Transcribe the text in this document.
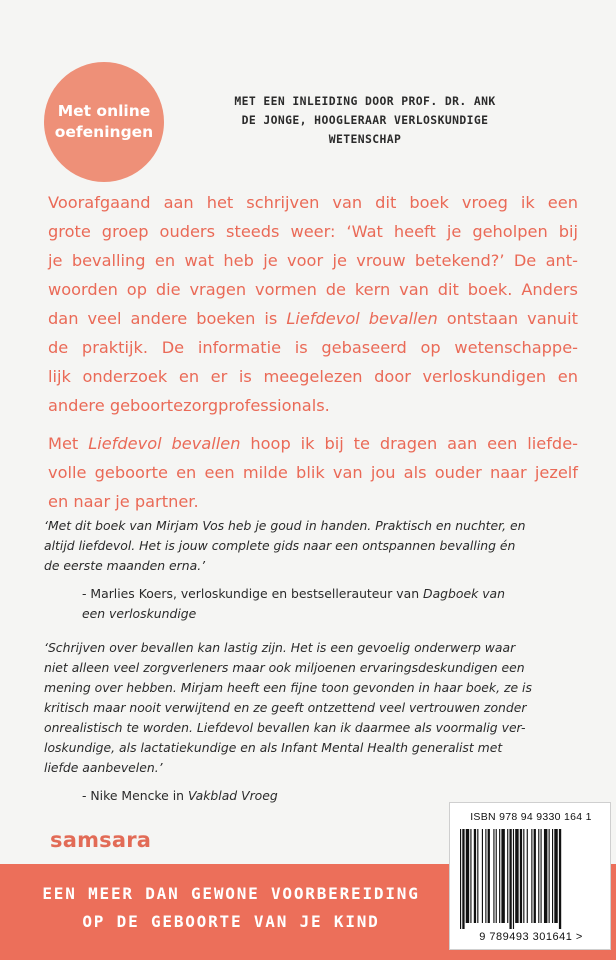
Met online
oefeningen
MET EEN INLEIDING DOOR PROF. DR. ANK
DE JONGE, HOOGLERAAR VERLOSKUNDIGE
WETENSCHAP

Voorafgaand aan het schrijven van dit boek vroeg ik een
grote groep ouders steeds weer: ‘Wat heeft je geholpen bij
je bevalling en wat heb je voor je vrouw betekend?’ De ant-
woorden op die vragen vormen de kern van dit boek. Anders
dan veel andere boeken is Liefdevol bevallen ontstaan vanuit
de praktijk. De informatie is gebaseerd op wetenschappe-
lijk onderzoek en er is meegelezen door verloskundigen en
andere geboortezorgprofessionals.

Met Liefdevol bevallen hoop ik bij te dragen aan een liefde-
volle geboorte en een milde blik van jou als ouder naar jezelf
en naar je partner.

‘Met dit boek van Mirjam Vos heb je goud in handen. Praktisch en nuchter, en
altijd liefdevol. Het is jouw complete gids naar een ontspannen bevalling én
de eerste maanden erna.’
- Marlies Koers, verloskundige en bestsellerauteur van Dagboek van
een verloskundige
‘Schrijven over bevallen kan lastig zijn. Het is een gevoelig onderwerp waar
niet alleen veel zorgverleners maar ook miljoenen ervaringsdeskundigen een
mening over hebben. Mirjam heeft een fijne toon gevonden in haar boek, ze is
kritisch maar nooit verwijtend en ze geeft ontzettend veel vertrouwen zonder
onrealistisch te worden. Liefdevol bevallen kan ik daarmee als voormalig ver-
loskundige, als lactatiekundige en als Infant Mental Health generalist met
liefde aanbevelen.’
- Nike Mencke in Vakblad Vroeg
samsara
EEN MEER DAN GEWONE VOORBEREIDING
OP DE GEBOORTE VAN JE KIND
ISBN 978 94 9330 164 1
9 789493 301641 >
